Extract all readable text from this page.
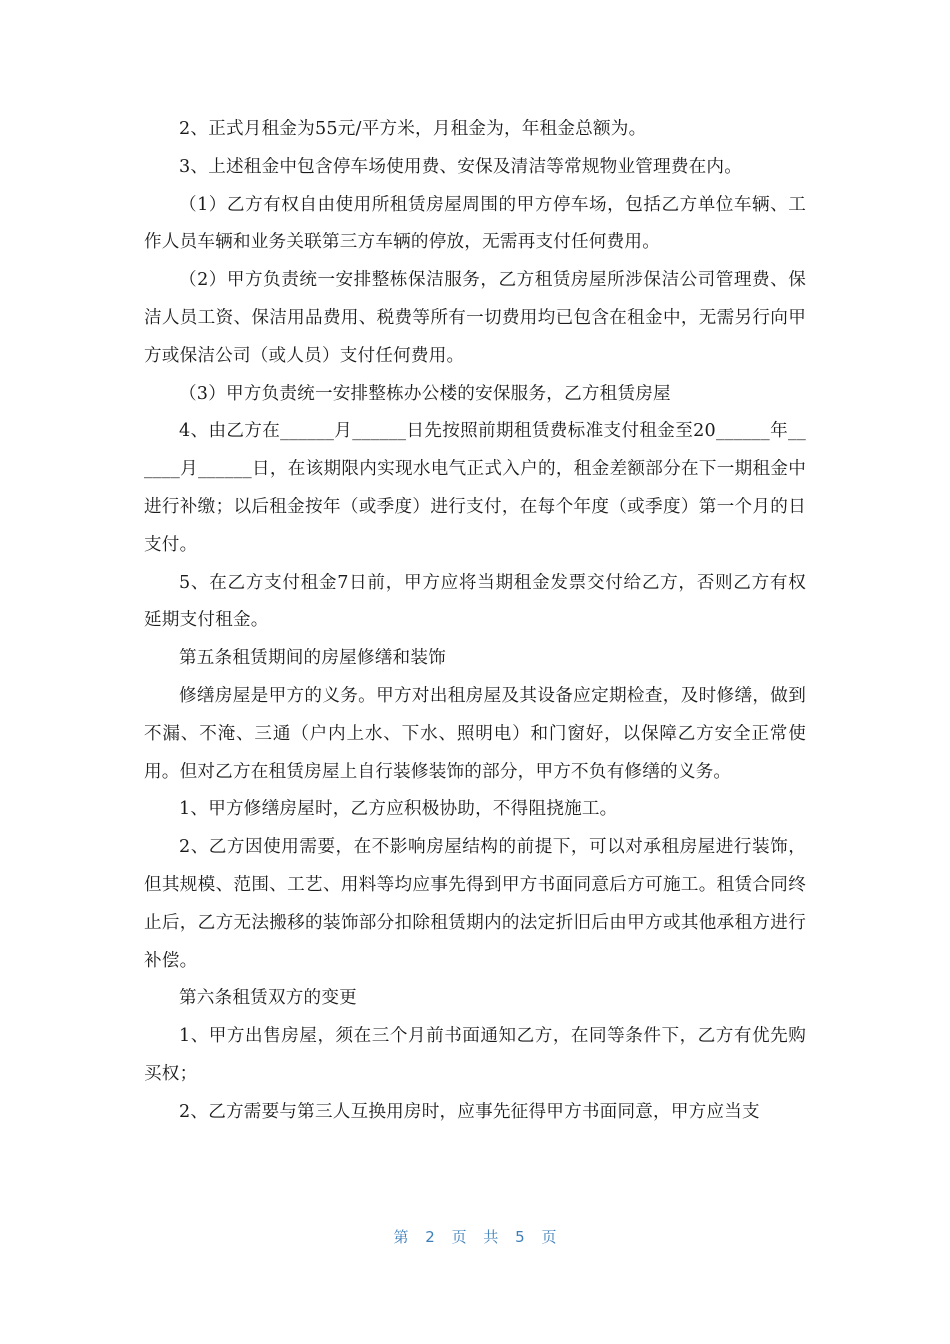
2、正式月租金为55元/平方米，月租金为，年租金总额为。

3、上述租金中包含停车场使用费、安保及清洁等常规物业管理费在内。

（1）乙方有权自由使用所租赁房屋周围的甲方停车场，包括乙方单位车辆、工作人员车辆和业务关联第三方车辆的停放，无需再支付任何费用。

（2）甲方负责统一安排整栋保洁服务，乙方租赁房屋所涉保洁公司管理费、保洁人员工资、保洁用品费用、税费等所有一切费用均已包含在租金中，无需另行向甲方或保洁公司（或人员）支付任何费用。

（3）甲方负责统一安排整栋办公楼的安保服务，乙方租赁房屋

4、由乙方在______月______日先按照前期租赁费标准支付租金至20______年______月______日，在该期限内实现水电气正式入户的，租金差额部分在下一期租金中进行补缴；以后租金按年（或季度）进行支付，在每个年度（或季度）第一个月的日支付。

5、在乙方支付租金7日前，甲方应将当期租金发票交付给乙方，否则乙方有权延期支付租金。

第五条租赁期间的房屋修缮和装饰

修缮房屋是甲方的义务。甲方对出租房屋及其设备应定期检查，及时修缮，做到不漏、不淹、三通（户内上水、下水、照明电）和门窗好，以保障乙方安全正常使用。但对乙方在租赁房屋上自行装修装饰的部分，甲方不负有修缮的义务。

1、甲方修缮房屋时，乙方应积极协助，不得阻挠施工。

2、乙方因使用需要，在不影响房屋结构的前提下，可以对承租房屋进行装饰，但其规模、范围、工艺、用料等均应事先得到甲方书面同意后方可施工。租赁合同终止后，乙方无法搬移的装饰部分扣除租赁期内的法定折旧后由甲方或其他承租方进行补偿。

第六条租赁双方的变更

1、甲方出售房屋，须在三个月前书面通知乙方，在同等条件下，乙方有优先购买权；

2、乙方需要与第三人互换用房时，应事先征得甲方书面同意，甲方应当支

第 2 页 共 5 页
